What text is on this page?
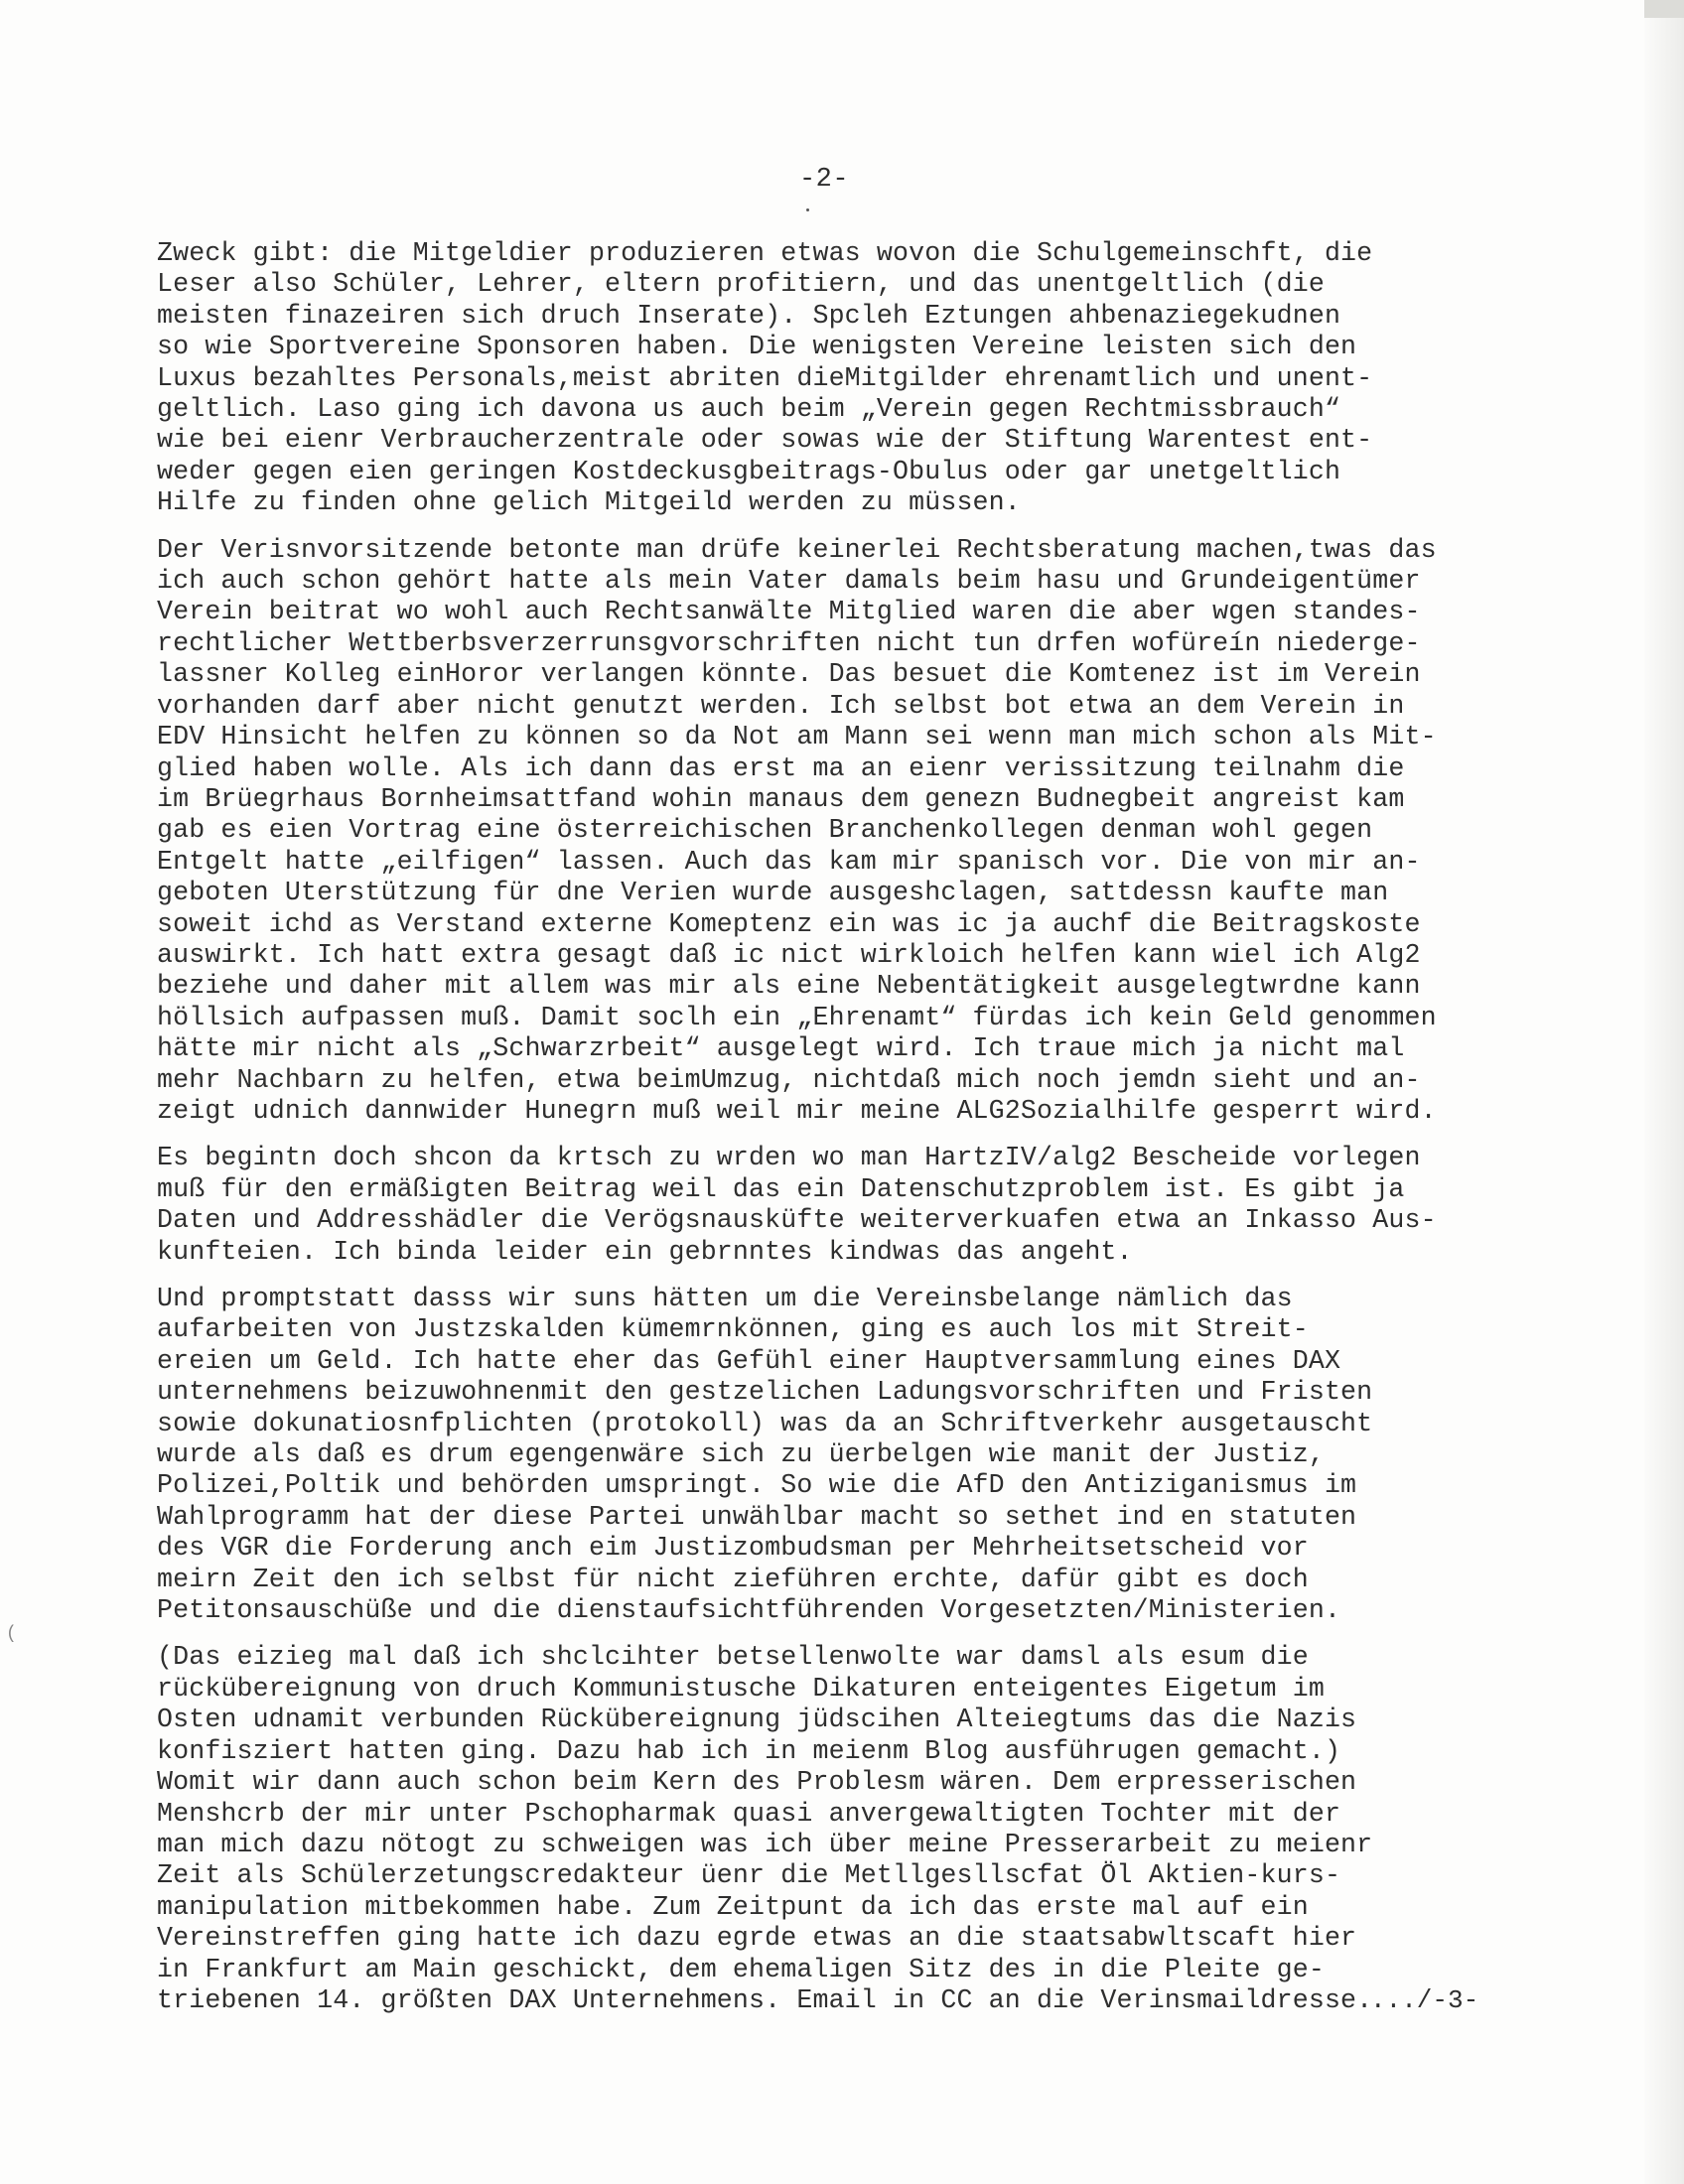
-2-

Zweck gibt: die Mitgeldier produzieren etwas wovon die Schulgemeinschft, die
Leser also Schüler, Lehrer, eltern profitiern, und das unentgeltlich (die
meisten finazeiren sich druch Inserate). Spcleh Eztungen ahbenaziegekudnen
so wie Sportvereine Sponsoren haben. Die wenigsten Vereine leisten sich den
Luxus bezahltes Personals,meist abriten dieMitgilder ehrenamtlich und unent-
geltlich. Laso ging ich davona us auch beim „Verein gegen Rechtmissbrauch“
wie bei eienr Verbraucherzentrale oder sowas wie der Stiftung Warentest ent-
weder gegen eien geringen Kostdeckusgbeitrags-Obulus oder gar unetgeltlich
Hilfe zu finden ohne gelich Mitgeild werden zu müssen.

Der Verisnvorsitzende betonte man drüfe keinerlei Rechtsberatung machen,twas das
ich auch schon gehört hatte als mein Vater damals beim hasu und Grundeigentümer
Verein beitrat wo wohl auch Rechtsanwälte Mitglied waren die aber wgen standes-
rechtlicher Wettberbsverzerrunsgvorschriften nicht tun drfen wofüreín niederge-
lassner Kolleg einHoror verlangen könnte. Das besuet die Komtenez ist im Verein
vorhanden darf aber nicht genutzt werden. Ich selbst bot etwa an dem Verein in
EDV Hinsicht helfen zu können so da Not am Mann sei wenn man mich schon als Mit-
glied haben wolle. Als ich dann das erst ma an eienr verissitzung teilnahm die
im Brüegrhaus Bornheimsattfand wohin manaus dem genezn Budnegbeit angreist kam
gab es eien Vortrag eine österreichischen Branchenkollegen denman wohl gegen
Entgelt hatte „eilfigen“ lassen. Auch das kam mir spanisch vor. Die von mir an-
geboten Uterstützung für dne Verien wurde ausgeshclagen, sattdessn kaufte man
soweit ichd as Verstand externe Komeptenz ein was ic ja auchf die Beitragskoste
auswirkt. Ich hatt extra gesagt daß ic nict wirkloich helfen kann wiel ich Alg2
beziehe und daher mit allem was mir als eine Nebentätigkeit ausgelegtwrdne kann
höllsich aufpassen muß. Damit soclh ein „Ehrenamt“ fürdas ich kein Geld genommen
hätte mir nicht als „Schwarzrbeit“ ausgelegt wird. Ich traue mich ja nicht mal
mehr Nachbarn zu helfen, etwa beimUmzug, nichtdaß mich noch jemdn sieht und an-
zeigt udnich dannwider Hunegrn muß weil mir meine ALG2Sozialhilfe gesperrt wird.

Es begintn doch shcon da krtsch zu wrden wo man HartzIV/alg2 Bescheide vorlegen
muß für den ermäßigten Beitrag weil das ein Datenschutzproblem ist. Es gibt ja
Daten und Addresshädler die Verögsnausküfte weiterverkuafen etwa an Inkasso Aus-
kunfteien. Ich binda leider ein gebrnntes kindwas das angeht.

Und promptstatt dasss wir suns hätten um die Vereinsbelange nämlich das
aufarbeiten von Justzskalden kümemrnkönnen, ging es auch los mit Streit-
ereien um Geld. Ich hatte eher das Gefühl einer Hauptversammlung eines DAX
unternehmens beizuwohnenmit den gestzelichen Ladungsvorschriften und Fristen
sowie dokunatiosnfplichten (protokoll) was da an Schriftverkehr ausgetauscht
wurde als daß es drum egengenwäre sich zu üerbelgen wie manit der Justiz,
Polizei,Poltik und behörden umspringt. So wie die AfD den Antiziganismus im
Wahlprogramm hat der diese Partei unwählbar macht so sethet ind en statuten
des VGR die Forderung anch eim Justizombudsman per Mehrheitsetscheid vor
meirn Zeit den ich selbst für nicht zieführen erchte, dafür gibt es doch
Petitonsauschüße und die dienstaufsichtführenden Vorgesetzten/Ministerien.

(Das eizieg mal daß ich shclcihter betsellenwolte war damsl als esum die
rückübereignung von druch Kommunistusche Dikaturen enteigentes Eigetum im
Osten udnamit verbunden Rückübereignung jüdscihen Alteiegtums das die Nazis
konfisziert hatten ging. Dazu hab ich in meienm Blog ausführugen gemacht.)
Womit wir dann auch schon beim Kern des Problesm wären. Dem erpresserischen
Menshcrb der mir unter Pschopharmak quasi anvergewaltigten Tochter mit der
man mich dazu nötogt zu schweigen was ich über meine Presserarbeit zu meienr
Zeit als Schülerzetungscredakteur üenr die Metllgesllscfat Öl Aktien-kurs-
manipulation mitbekommen habe. Zum Zeitpunt da ich das erste mal auf ein
Vereinstreffen ging hatte ich dazu egrde etwas an die staatsabwltscaft hier
in Frankfurt am Main geschickt, dem ehemaligen Sitz des in die Pleite ge-
triebenen 14. größten DAX Unternehmens. Email in CC an die Verinsmaildresse.

(
.../-3-
